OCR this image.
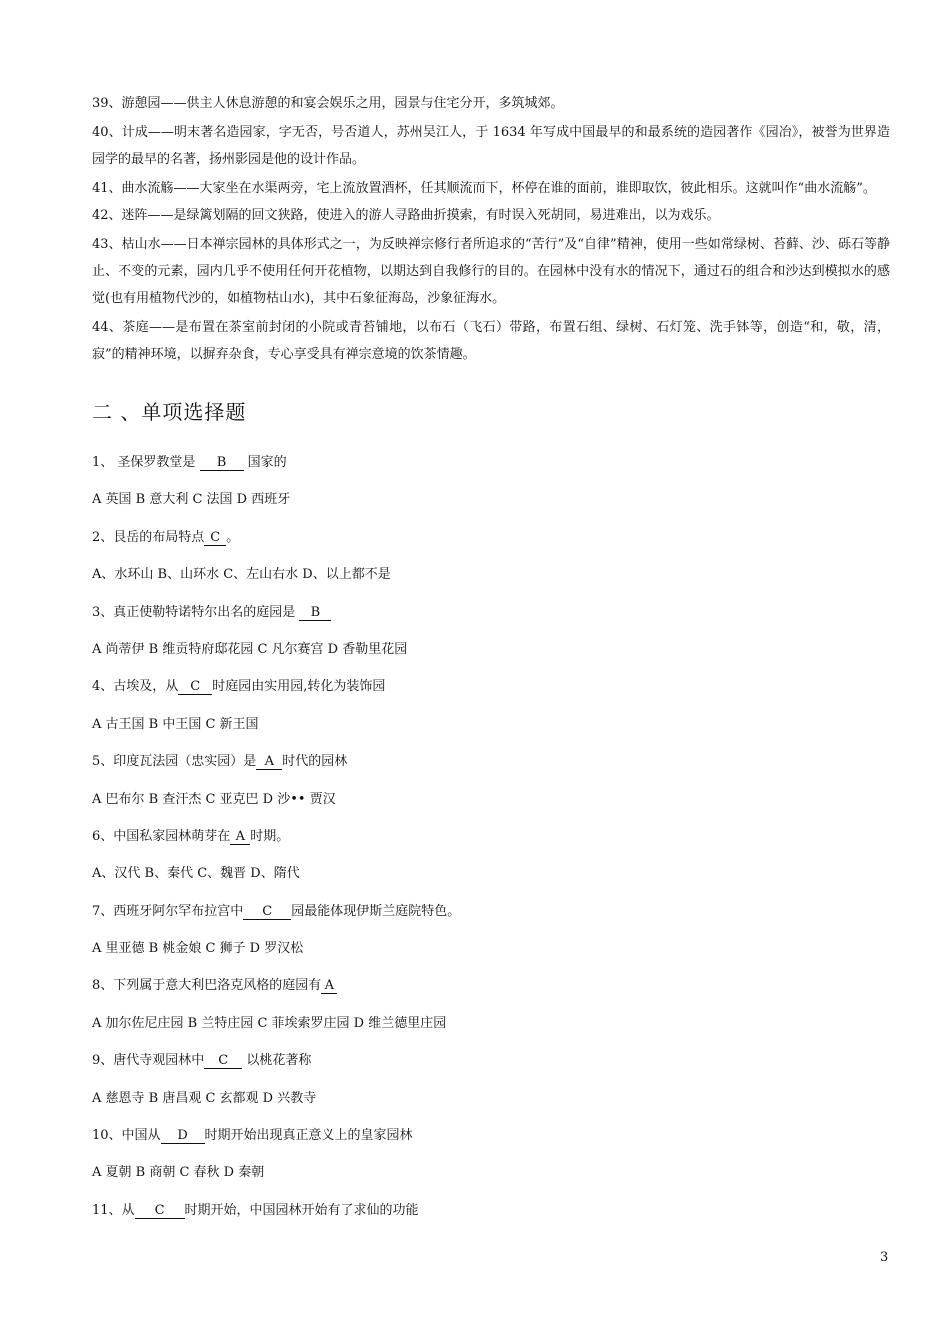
39、游憩园——供主人休息游憩的和宴会娱乐之用，园景与住宅分开，多筑城郊。

40、计成——明末著名造园家，字无否，号否道人，苏州吴江人，于 1634 年写成中国最早的和最系统的造园著作《园冶》，被誉为世界造园学的最早的名著，扬州影园是他的设计作品。

41、曲水流觞——大家坐在水渠两旁，宅上流放置酒杯，任其顺流而下，杯停在谁的面前，谁即取饮，彼此相乐。这就叫作“曲水流觞”。

42、迷阵——是绿篱划隔的回文狭路，使进入的游人寻路曲折摸索，有时误入死胡同，易进难出，以为戏乐。

43、枯山水——日本禅宗园林的具体形式之一，为反映禅宗修行者所追求的“苦行”及“自律”精神，使用一些如常绿树、苔藓、沙、砾石等静止、不变的元素，园内几乎不使用任何开花植物，以期达到自我修行的目的。在园林中没有水的情况下，通过石的组合和沙达到模拟水的感觉(也有用植物代沙的，如植物枯山水)，其中石象征海岛，沙象征海水。

44、茶庭——是布置在茶室前封闭的小院或青苔铺地，以布石（飞石）带路，布置石组、绿树、石灯笼、洗手钵等，创造“和，敬，清，寂”的精神环境，以摒弃杂食，专心享受具有禅宗意境的饮茶情趣。

二 、单项选择题
1、 圣保罗教堂是 B 国家的
A 英国 B 意大利 C 法国 D 西班牙
2、艮岳的布局特点 C 。
A、水环山 B、山环水 C、左山右水 D、以上都不是
3、真正使勒特诺特尔出名的庭园是 B
A 尚蒂伊 B 维贡特府邸花园 C 凡尔赛宫 D 香勒里花园
4、古埃及，从 C 时庭园由实用园,转化为装饰园
A 古王国 B 中王国 C 新王国
5、印度瓦法园（忠实园）是 A 时代的园林
A 巴布尔 B 查汗杰 C 亚克巴 D 沙•• 贾汉
6、中国私家园林萌芽在 A 时期。
A、汉代 B、秦代 C、魏晋 D、隋代
7、西班牙阿尔罕布拉宫中 C 园最能体现伊斯兰庭院特色。
A 里亚德 B 桃金娘 C 狮子 D 罗汉松
8、下列属于意大利巴洛克风格的庭园有 A
A 加尔佐尼庄园 B 兰特庄园 C 菲埃索罗庄园 D 维兰德里庄园
9、唐代寺观园林中 C 以桃花著称
A 慈恩寺 B 唐昌观 C 玄都观 D 兴教寺
10、中国从 D 时期开始出现真正意义上的皇家园林
A 夏朝 B 商朝 C 春秋 D 秦朝
11、从 C 时期开始，中国园林开始有了求仙的功能
3
